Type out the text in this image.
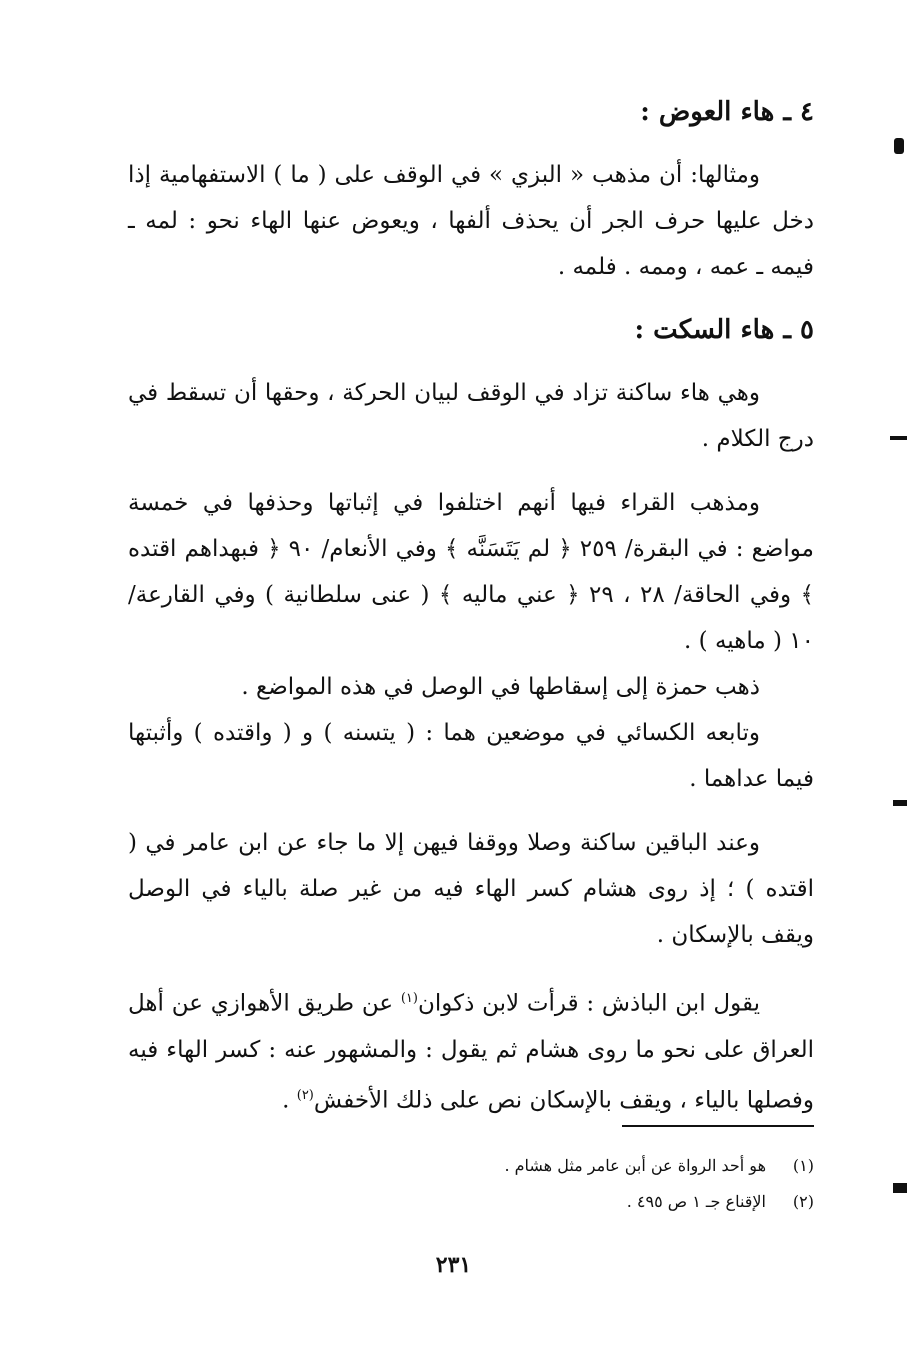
٤ ـ هاء العوض :

ومثالها: أن مذهب « البزي » في الوقف على ( ما ) الاستفهامية إذا دخل عليها حرف الجر أن يحذف ألفها ، ويعوض عنها الهاء نحو : لمه ـ فيمه ـ عمه ، وممه . فلمه .

٥ ـ هاء السكت :

وهي هاء ساكنة تزاد في الوقف لبيان الحركة ، وحقها أن تسقط في درج الكلام .

ومذهب القراء فيها أنهم اختلفوا في إثباتها وحذفها في خمسة مواضع : في البقرة/ ٢٥٩ ﴿ لم يَتَسَنَّه ﴾ وفي الأنعام/ ٩٠ ﴿ فبهداهم اقتده ﴾ وفي الحاقة/ ٢٨ ، ٢٩ ﴿ عني ماليه ﴾ ( عنى سلطانية ) وفي القارعة/ ١٠ ( ماهيه ) .

ذهب حمزة إلى إسقاطها في الوصل في هذه المواضع .

وتابعه الكسائي في موضعين هما : ( يتسنه ) و ( واقتده ) وأثبتها فيما عداهما .

وعند الباقين ساكنة وصلا ووقفا فيهن إلا ما جاء عن ابن عامر في ( اقتده ) ؛ إذ روى هشام كسر الهاء فيه من غير صلة بالياء في الوصل ويقف بالإسكان .

يقول ابن الباذش : قرأت لابن ذكوان$^{(١)}$ عن طريق الأهوازي عن أهل العراق على نحو ما روى هشام ثم يقول : والمشهور عنه : كسر الهاء فيه وفصلها بالياء ، ويقف بالإسكان نص على ذلك الأخفش$^{(٢)}$ .

(١)
هو أحد الرواة عن أبن عامر مثل هشام .
(٢)
الإقناع جـ ١ ص ٤٩٥ .
٢٣١
